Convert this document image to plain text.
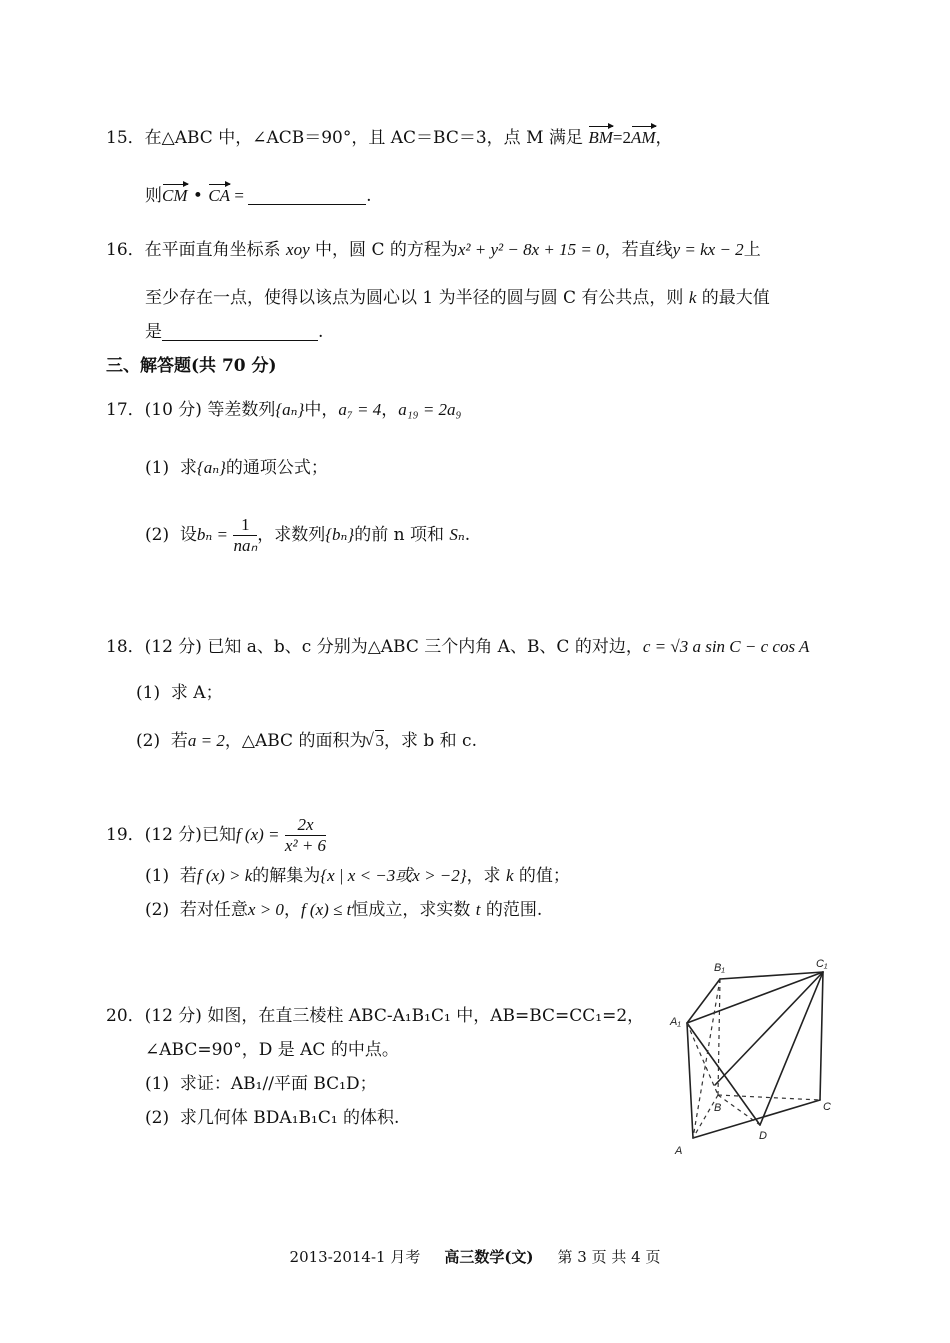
15．在△ABC 中，∠ACB＝90°，且 AC＝BC＝3，点 M 满足 BM=2AM，
则CM • CA =	.
16．在平面直角坐标系 xoy 中，圆 C 的方程为x² + y² − 8x + 15 = 0，若直线y = kx − 2上
至少存在一点，使得以该点为圆心以 1 为半径的圆与圆 C 有公共点，则 k 的最大值
是	.
三、解答题(共 70 分)
17．(10 分) 等差数列{aₙ}中，a₇ = 4，a₁₉ = 2a₉
(1) 求{aₙ}的通项公式；
(2) 设$b_n = \frac{1}{\text{naₙ}}$ ，求数列{bₙ}的前 n 项和 Sₙ.
18．(12 分) 已知 a、b、c 分别为△ABC 三个内角 A、B、C 的对边，c = √3 a sin C − c cos A
(1) 求 A；
(2) 若a = 2，△ABC 的面积为√ 3，求 b 和 c.
19．(12 分)已知f $(x) = \frac{2x}{\text{x² + 6}}$
(1) 若f (x) > k的解集为{x | x < −3或x > −2}，求 k 的值；
(2) 若对任意x > 0，f (x) ≤ t恒成立，求实数 t 的范围.
20．(12 分) 如图，在直三棱柱 ABC-A₁B₁C₁ 中，AB=BC=CC₁=2，
∠ABC=90°，D 是 AC 的中点。
(1) 求证：AB₁//平面 BC₁D；
(2) 求几何体 BDA₁B₁C₁ 的体积.
B₁	C₁
A₁
B	C
D
A
2013-2014-1 月考 高三数学(文) 第 3 页 共 4 页
